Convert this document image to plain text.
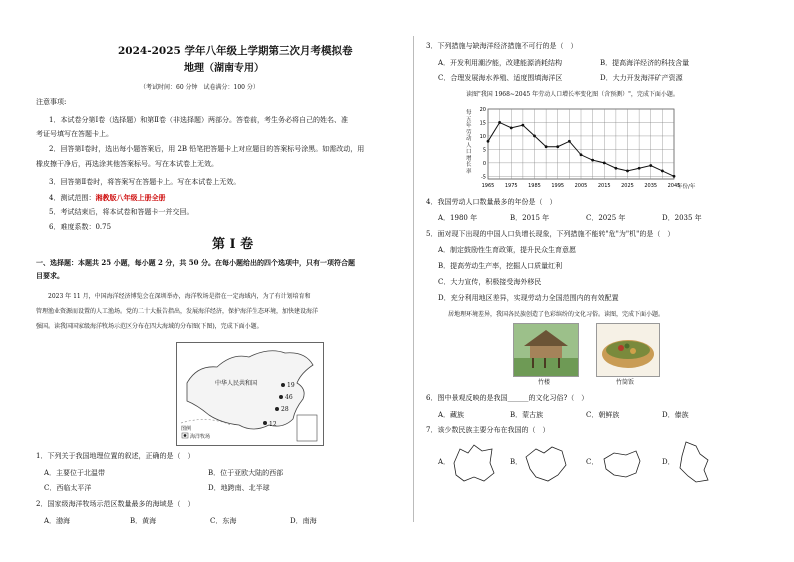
2024-2025 学年八年级上学期第三次月考模拟卷
地理（湖南专用）
（考试时间：60 分钟　试卷满分：100 分）
注意事项:
1．本试卷分第Ⅰ卷（选择题）和第Ⅱ卷（非选择题）两部分。答卷前，考生务必将自己的姓名、准
考证号填写在答题卡上。
2．回答第Ⅰ卷时，选出每小题答案后，用 2B 铅笔把答题卡上对应题目的答案标号涂黑。如需改动，用
橡皮擦干净后，再选涂其他答案标号。写在本试卷上无效。
3．回答第Ⅱ卷时，将答案写在答题卡上。写在本试卷上无效。
4．测试范围：湘教版八年级上册全册
5．考试结束后，将本试卷和答题卡一并交回。
6．难度系数：0.75
第 I 卷
一、选择题：本题共 25 小题，每小题 2 分，共 50 分。在每小题给出的四个选项中，只有一项符合题
目要求。
2023 年 11 月，中国海洋经济博览会在深圳举办，海洋牧场是指在一定海域内，为了有计划培育和
管理渔业资源而设置的人工渔场。党的二十大报告指出，发展海洋经济，保护海洋生态环境，加快建设海洋
强国。读我国国家级海洋牧场示范区分布在四大海域的分布图(下图)，完成下面小题。
中华人民共和国	19
46
28
12
图例
海洋牧场
1．下列关于我国地理位置的叙述，正确的是（　）
A．主要位于北温带	B．位于亚欧大陆的西部
C．西临太平洋	D．地跨南、北半球
2．国家级海洋牧场示范区数量最多的海域是（　）
A．渤海	B．黄海	C．东海	D．南海
3．下列措施与缺海洋经济措施不可行的是（　）
A．开发利用潮汐能，改建能源消耗结构	B．提高海洋经济的科技含量
C．合理发展海水养殖、适度围填海洋区	D．大力开发海洋矿产资源
读图"我国 1968~2045 年劳动人口增长率变化图（含预测）"，完成下面小题。
20
15
10
5
0
-5
1965 1975 1985 1995 2005 2015 2025 2035 2045
每五年劳动人口增长率
年份/年
4．我国劳动人口数量最多的年份是（　）
A．1980 年	B．2015 年	C．2025 年	D．2035 年
5．面对现下出现的中国人口负增长现象，下列措施不能转"危"为"机"的是（　）
A．制定鼓励性生育政策，提升民众生育意愿
B．提高劳动生产率，挖掘人口质量红利
C．大力宣传，积极接受海外移民
D．充分利用地区差异，实现劳动力全国范围内的有效配置
居地理环境差异，我国各民族创造了色彩缤纷的文化习俗。读图，完成下面小题。
竹楼	竹筒饭
6．图中景观反映的是我国______的文化习俗?（　）
A．藏族	B．蒙古族	C．朝鲜族	D．傣族
7．该少数民族主要分布在我国的（　）
A．	B．	C．	D．
